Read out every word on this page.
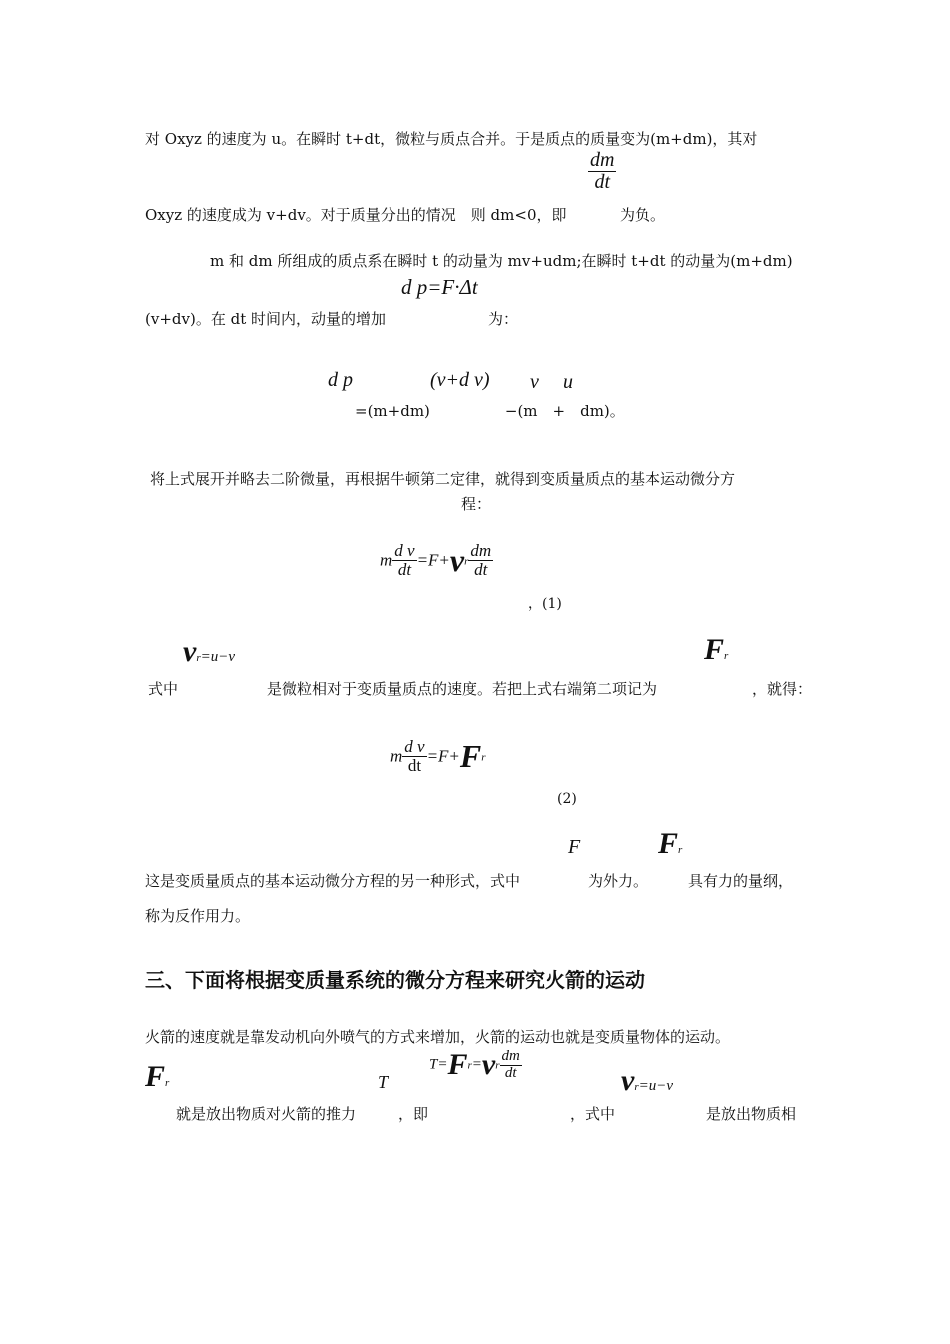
对 Oxyz 的速度为 u。在瞬时 t+dt，微粒与质点合并。于是质点的质量变为(m+dm)，其对
$\frac{dm}{dt}$
Oxyz 的速度成为 v+dv。对于质量分出的情况　则 dm<0，即	为负。
m 和 dm 所组成的质点系在瞬时 t 的动量为 mv+udm;在瞬时 t+dt 的动量为(m+dm)
d p=F·Δt
(v+dv)。在 dt 时间内，动量的增加	为：
d p	(v+d v) v u
=(m+dm)　　　　　−(m　+　dm)。
将上式展开并略去二阶微量，再根据牛顿第二定律，就得到变质量质点的基本运动微分方
程：
m $\frac{\text{d v}}{dt} =F+vr \frac{dm}{dt}$
，(1)
vr=u−v	Fr
式中	是微粒相对于变质量质点的速度。若把上式右端第二项记为	，就得：
m $\frac{\text{d v}}{dt} =F+Fr$
(2)
F	Fr
这是变质量质点的基本运动微分方程的另一种形式，式中	为外力。	具有力的量纲，
称为反作用力。
三、下面将根据变质量系统的微分方程来研究火箭的运动
火箭的速度就是靠发动机向外喷气的方式来增加，火箭的运动也就是变质量物体的运动。
Fr	T
$T=Fr=vr \frac{dm}{dt}$	vr=u−v
就是放出物质对火箭的推力	，即	，式中	是放出物质相
